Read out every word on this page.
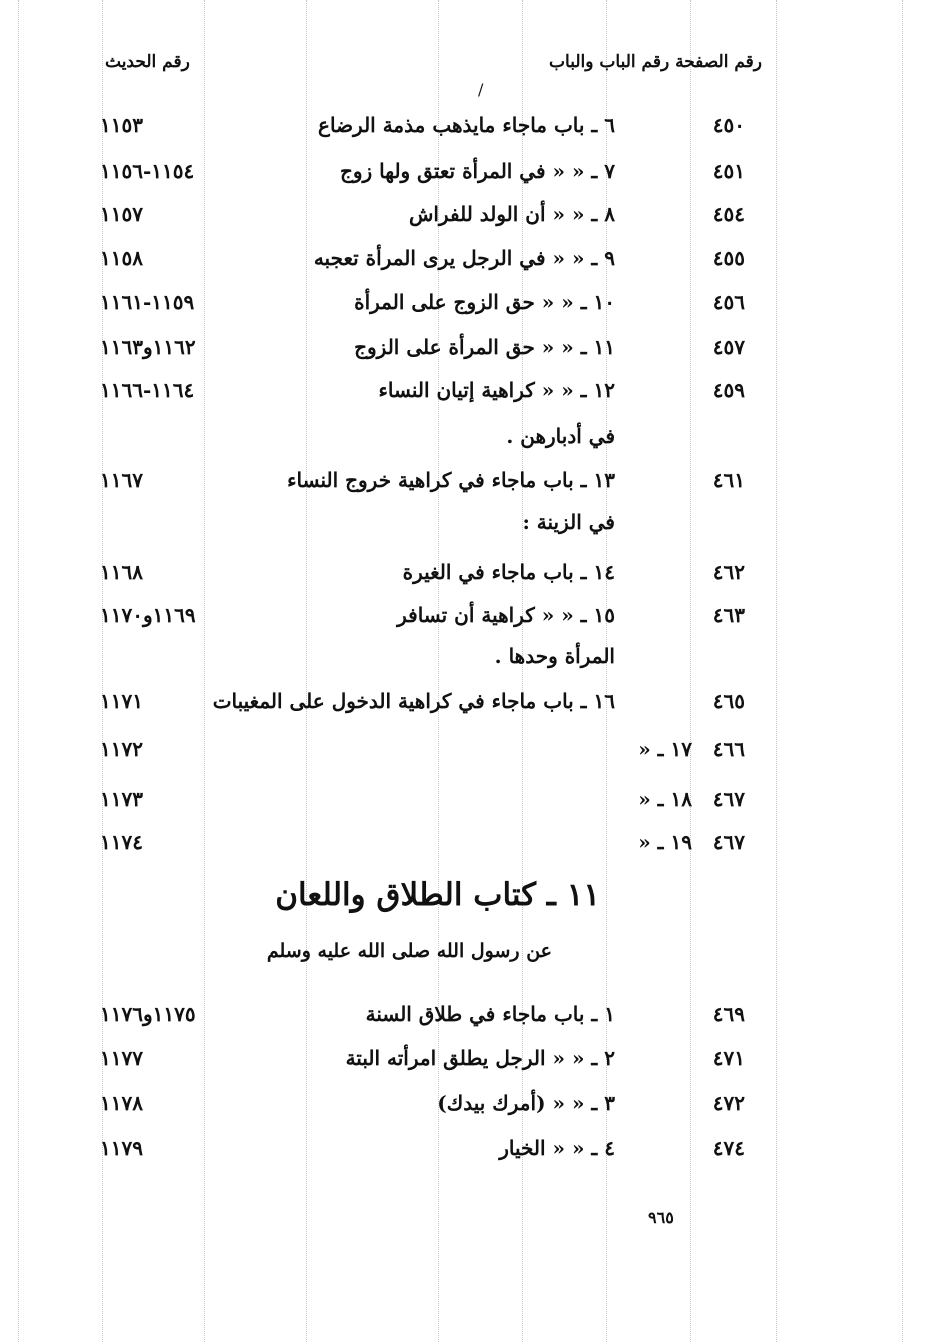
رقم الصفحة رقم الباب والباب
رقم الحديث
/
٤٥٠
٦ ـ باب ماجاء مايذهب مذمة الرضاع
١١٥٣
٤٥١
٧ ـ « « في المرأة تعتق ولها زوج
١١٥٤-١١٥٦
٤٥٤
٨ ـ « « أن الولد للفراش
١١٥٧
٤٥٥
٩ ـ « « في الرجل يرى المرأة تعجبه
١١٥٨
٤٥٦
١٠ ـ « « حق الزوج على المرأة
١١٥٩-١١٦١
٤٥٧
١١ ـ « « حق المرأة على الزوج
١١٦٢و١١٦٣
٤٥٩
١٢ ـ « « كراهية إتيان النساء
١١٦٤-١١٦٦
في أدبارهن .
٤٦١
١٣ ـ باب ماجاء في كراهية خروج النساء
١١٦٧
في الزينة :
٤٦٢
١٤ ـ باب ماجاء في الغيرة
١١٦٨
٤٦٣
١٥ ـ « « كراهية أن تسافر
١١٦٩و١١٧٠
المرأة وحدها .
٤٦٥
١٦ ـ باب ماجاء في كراهية الدخول على المغيبات
١١٧١
٤٦٦
١٧ ـ «
١١٧٢
٤٦٧
١٨ ـ «
١١٧٣
٤٦٧
١٩ ـ «
١١٧٤
١١ ـ كتاب الطلاق واللعان
عن رسول الله صلى الله عليه وسلم
٤٦٩
١ ـ باب ماجاء في طلاق السنة
١١٧٥و١١٧٦
٤٧١
٢ ـ « « الرجل يطلق امرأته البتة
١١٧٧
٤٧٢
٣ ـ « « (أمرك بيدك)
١١٧٨
٤٧٤
٤ ـ « « الخيار
١١٧٩
٩٦٥
